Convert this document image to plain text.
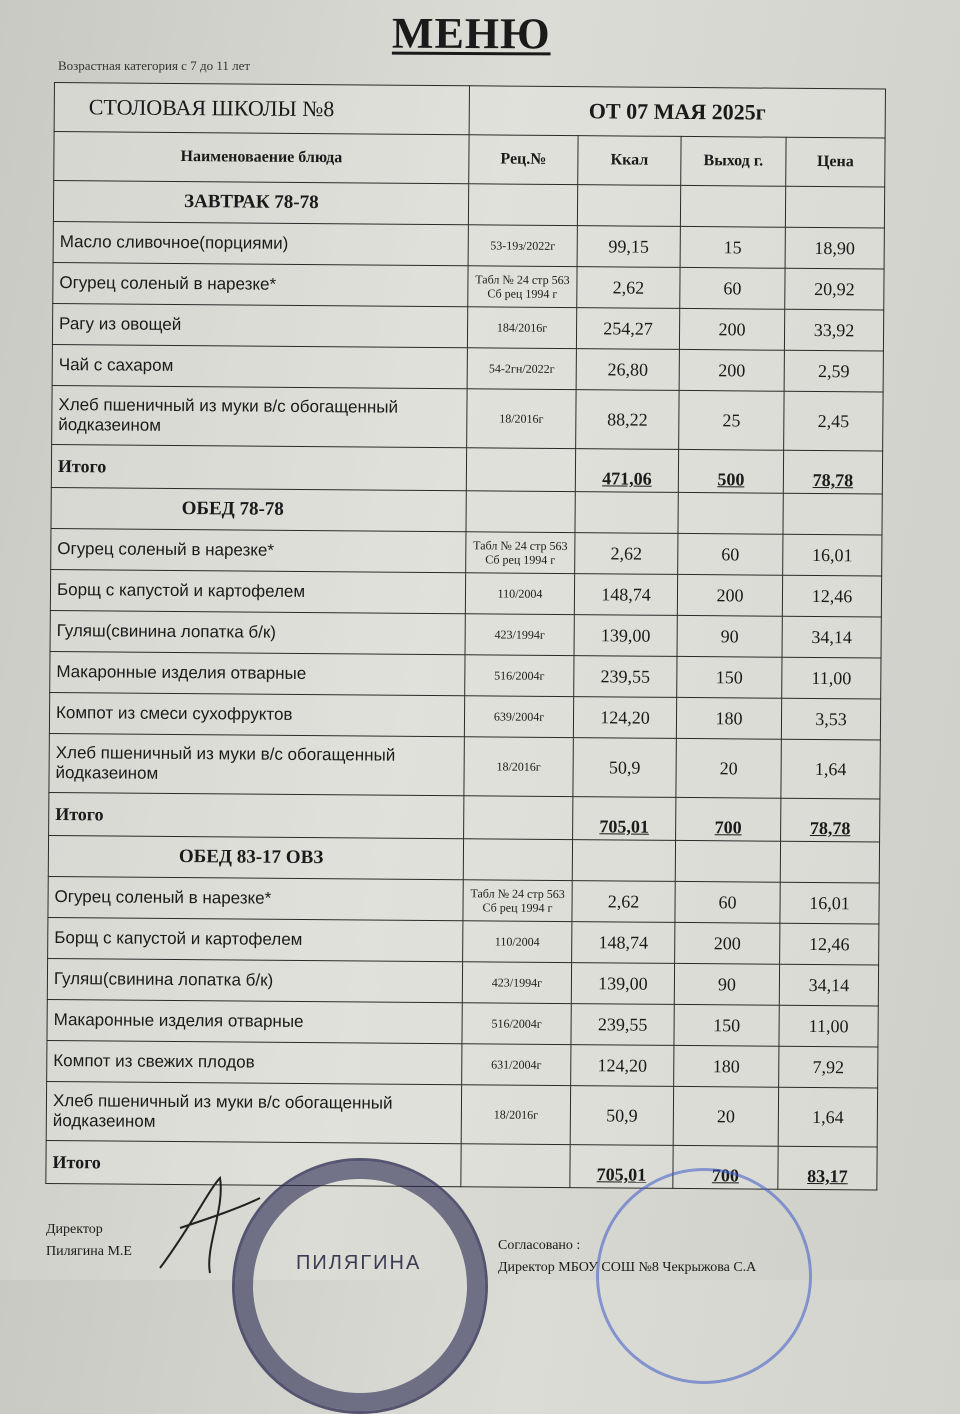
МЕНЮ
Возрастная категория с 7 до 11 лет
СТОЛОВАЯ ШКОЛЫ №8	ОТ 07 МАЯ 2025г			
Наименоваение блюда	Рец.№	Ккал	Выход г.	Цена
ЗАВТРАК 78-78				
Масло сливочное(порциями)	53-19з/2022г	99,15	15	18,90
Огурец соленый в нарезке*	Табл № 24 стр 563 Сб рец 1994 г	2,62	60	20,92
Рагу из овощей	184/2016г	254,27	200	33,92
Чай с сахаром	54-2гн/2022г	26,80	200	2,59
Хлеб пшеничный из муки в/с обогащенный йодказеином	18/2016г	88,22	25	2,45
Итого		471,06	500	78,78
ОБЕД 78-78				
Огурец соленый в нарезке*	Табл № 24 стр 563 Сб рец 1994 г	2,62	60	16,01
Борщ с капустой и картофелем	110/2004	148,74	200	12,46
Гуляш(свинина лопатка б/к)	423/1994г	139,00	90	34,14
Макаронные изделия отварные	516/2004г	239,55	150	11,00
Компот из смеси сухофруктов	639/2004г	124,20	180	3,53
Хлеб пшеничный из муки в/с обогащенный йодказеином	18/2016г	50,9	20	1,64
Итого		705,01	700	78,78
ОБЕД 83-17 ОВЗ				
Огурец соленый в нарезке*	Табл № 24 стр 563 Сб рец 1994 г	2,62	60	16,01
Борщ с капустой и картофелем	110/2004	148,74	200	12,46
Гуляш(свинина лопатка б/к)	423/1994г	139,00	90	34,14
Макаронные изделия отварные	516/2004г	239,55	150	11,00
Компот из свежих плодов	631/2004г	124,20	180	7,92
Хлеб пшеничный из муки в/с обогащенный йодказеином	18/2016г	50,9	20	1,64
Итого		705,01	700	83,17
ПИЛЯГИНА
Директор
Пилягина М.Е	Согласовано :
Директор МБОУ СОШ №8 Чекрыжова С.А
